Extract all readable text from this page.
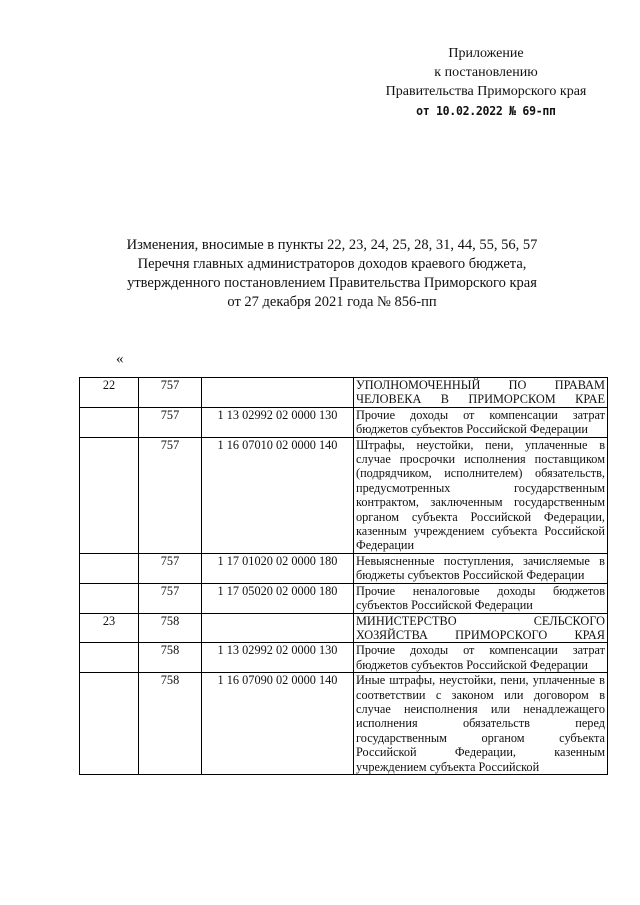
Приложение
к постановлению
Правительства Приморского края
от 10.02.2022 № 69-пп
Изменения, вносимые в пункты 22, 23, 24, 25, 28, 31, 44, 55, 56, 57
Перечня главных администраторов доходов краевого бюджета,
утвержденного постановлением Правительства Приморского края
от 27 декабря 2021 года № 856-пп
«
22	757		УПОЛНОМОЧЕННЫЙ ПО ПРАВАМ ЧЕЛОВЕКА В ПРИМОРСКОМ КРАЕ
	757	1 13 02992 02 0000 130	Прочие доходы от компенсации затрат бюджетов субъектов Российской Федерации
	757	1 16 07010 02 0000 140	Штрафы, неустойки, пени, уплаченные в случае просрочки исполнения поставщиком (подрядчиком, исполнителем) обязательств, предусмотренных государственным контрактом, заключенным государственным органом субъекта Российской Федерации, казенным учреждением субъекта Российской Федерации
	757	1 17 01020 02 0000 180	Невыясненные поступления, зачисляемые в бюджеты субъектов Российской Федерации
	757	1 17 05020 02 0000 180	Прочие неналоговые доходы бюджетов субъектов Российской Федерации
23	758		МИНИСТЕРСТВО СЕЛЬСКОГО ХОЗЯЙСТВА ПРИМОРСКОГО КРАЯ
	758	1 13 02992 02 0000 130	Прочие доходы от компенсации затрат бюджетов субъектов Российской Федерации
	758	1 16 07090 02 0000 140	Иные штрафы, неустойки, пени, уплаченные в соответствии с законом или договором в случае неисполнения или ненадлежащего исполнения обязательств перед государственным органом субъекта Российской Федерации, казенным учреждением субъекта Российской
